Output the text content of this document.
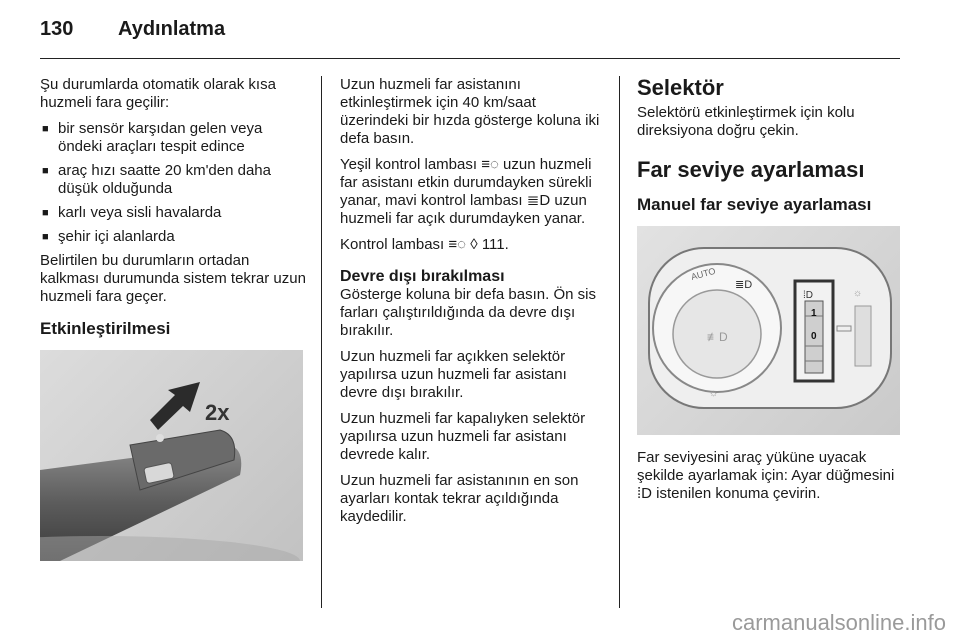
130 Aydınlatma

Şu durumlarda otomatik olarak kısa huzmeli fara geçilir:

■ bir sensör karşıdan gelen veya öndeki araçları tespit edince
■ araç hızı saatte 20 km'den daha düşük olduğunda
■ karlı veya sisli havalarda
■ şehir içi alanlarda

Belirtilen bu durumların ortadan kalkması durumunda sistem tekrar uzun huzmeli fara geçer.

Etkinleştirilmesi
2x

Uzun huzmeli far asistanını etkinleştirmek için 40 km/saat üzerindeki bir hızda gösterge koluna iki defa basın.

Yeşil kontrol lambası ≡◌ uzun huzmeli far asistanı etkin durumdayken sürekli yanar, mavi kontrol lambası ≣D uzun huzmeli far açık durumdayken yanar.

Kontrol lambası ≡◌ ◊ 111.

Devre dışı bırakılması

Gösterge koluna bir defa basın. Ön sis farları çalıştırıldığında da devre dışı bırakılır.

Uzun huzmeli far açıkken selektör yapılırsa uzun huzmeli far asistanı devre dışı bırakılır.

Uzun huzmeli far kapalıyken selektör yapılırsa uzun huzmeli far asistanı devrede kalır.

Uzun huzmeli far asistanının en son ayarları kontak tekrar açıldığında kaydedilir.

Selektör

Selektörü etkinleştirmek için kolu direksiyona doğru çekin.

Far seviye ayarlaması
Manuel far seviye ayarlaması
AUTO
≣D
≢D
1
0
⁞D	☼
☼

Far seviyesini araç yüküne uyacak şekilde ayarlamak için: Ayar düğmesini ⁞D istenilen konuma çevirin.

carmanualsonline.info
